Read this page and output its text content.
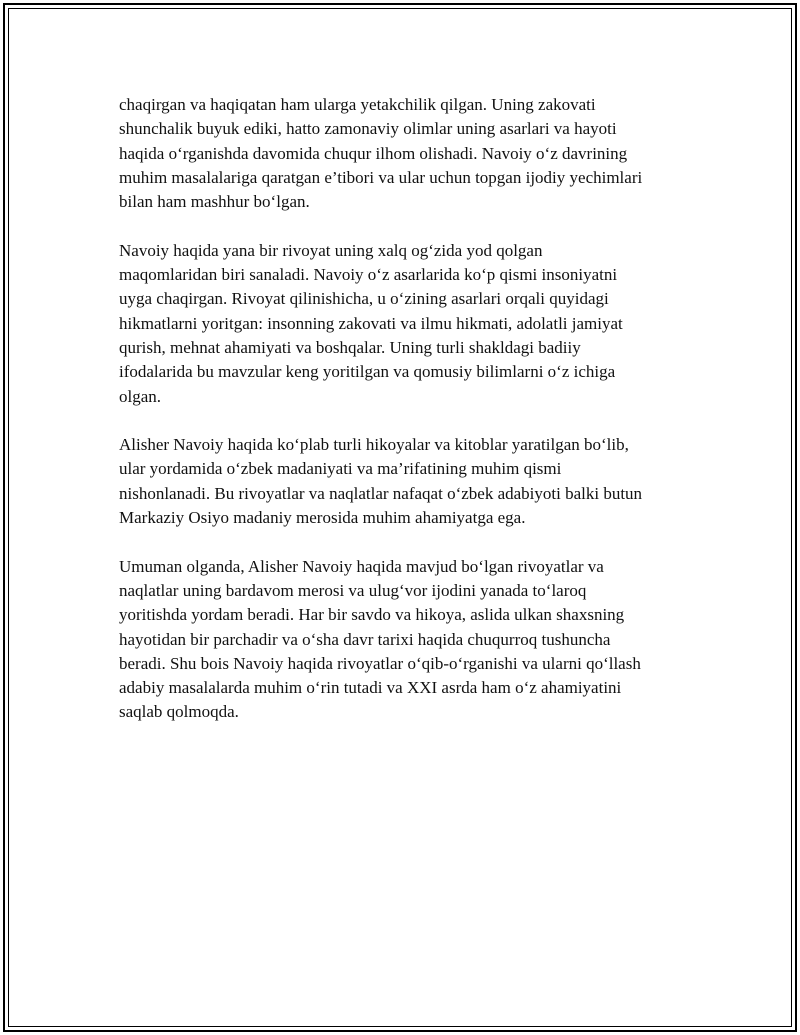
chaqirgan va haqiqatan ham ularga yetakchilik qilgan. Uning zakovati
shunchalik buyuk ediki, hatto zamonaviy olimlar uning asarlari va hayoti
haqida o‘rganishda davomida chuqur ilhom olishadi. Navoiy o‘z davrining
muhim masalalariga qaratgan e’tibori va ular uchun topgan ijodiy yechimlari
bilan ham mashhur bo‘lgan.

Navoiy haqida yana bir rivoyat uning xalq og‘zida yod qolgan
maqomlaridan biri sanaladi. Navoiy o‘z asarlarida ko‘p qismi insoniyatni
uyga chaqirgan. Rivoyat qilinishicha, u o‘zining asarlari orqali quyidagi
hikmatlarni yoritgan: insonning zakovati va ilmu hikmati, adolatli jamiyat
qurish, mehnat ahamiyati va boshqalar. Uning turli shakldagi badiiy
ifodalarida bu mavzular keng yoritilgan va qomusiy bilimlarni o‘z ichiga
olgan.

Alisher Navoiy haqida ko‘plab turli hikoyalar va kitoblar yaratilgan bo‘lib,
ular yordamida o‘zbek madaniyati va ma’rifatining muhim qismi
nishonlanadi. Bu rivoyatlar va naqlatlar nafaqat o‘zbek adabiyoti balki butun
Markaziy Osiyo madaniy merosida muhim ahamiyatga ega.

Umuman olganda, Alisher Navoiy haqida mavjud bo‘lgan rivoyatlar va
naqlatlar uning bardavom merosi va ulug‘vor ijodini yanada to‘laroq
yoritishda yordam beradi. Har bir savdo va hikoya, aslida ulkan shaxsning
hayotidan bir parchadir va o‘sha davr tarixi haqida chuqurroq tushuncha
beradi. Shu bois Navoiy haqida rivoyatlar o‘qib-o‘rganishi va ularni qo‘llash
adabiy masalalarda muhim o‘rin tutadi va XXI asrda ham o‘z ahamiyatini
saqlab qolmoqda.
